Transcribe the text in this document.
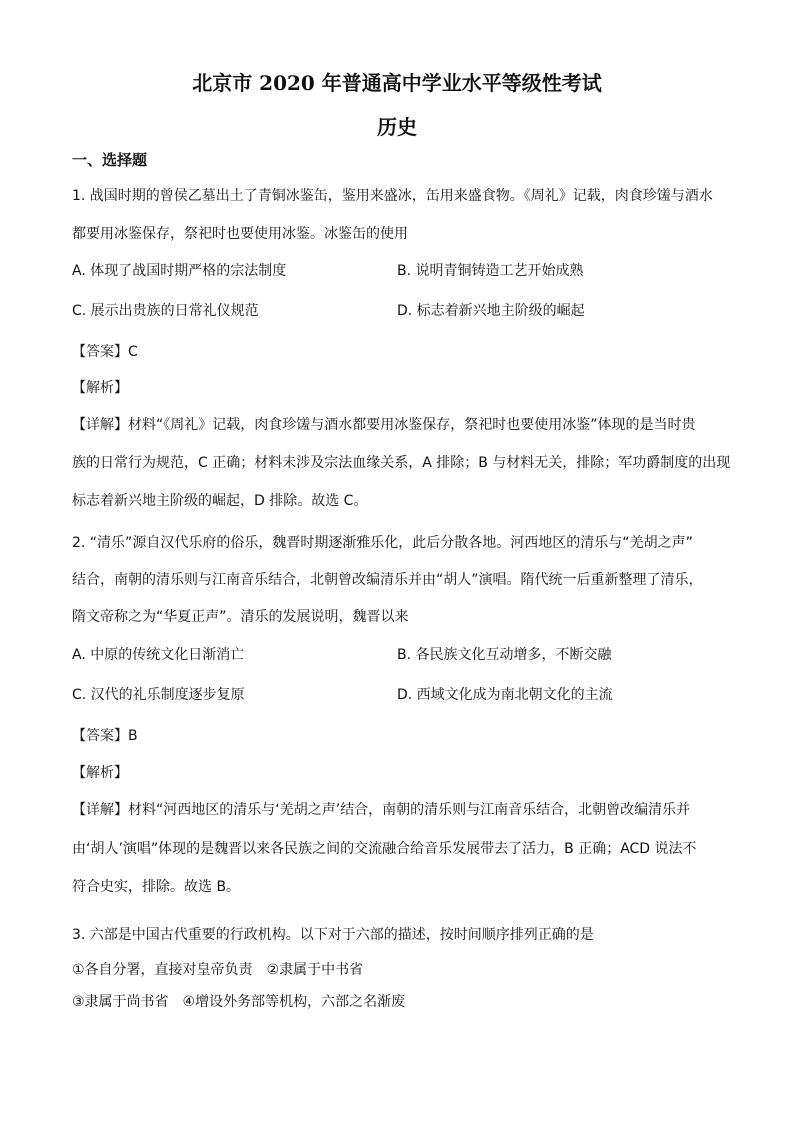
北京市 2020 年普通高中学业水平等级性考试
历史
一、选择题
1. 战国时期的曾侯乙墓出土了青铜冰鉴缶，鉴用来盛冰，缶用来盛食物。《周礼》记载，肉食珍馐与酒水
都要用冰鉴保存，祭祀时也要使用冰鉴。冰鉴缶的使用
A. 体现了战国时期严格的宗法制度	B. 说明青铜铸造工艺开始成熟
C. 展示出贵族的日常礼仪规范	D. 标志着新兴地主阶级的崛起
【答案】C
【解析】
【详解】材料“《周礼》记载，肉食珍馐与酒水都要用冰鉴保存，祭祀时也要使用冰鉴”体现的是当时贵
族的日常行为规范，C 正确；材料未涉及宗法血缘关系，A 排除；B 与材料无关，排除；军功爵制度的出现
标志着新兴地主阶级的崛起，D 排除。故选 C。
2. “清乐”源自汉代乐府的俗乐，魏晋时期逐渐雅乐化，此后分散各地。河西地区的清乐与“羌胡之声”
结合，南朝的清乐则与江南音乐结合，北朝曾改编清乐并由“胡人”演唱。隋代统一后重新整理了清乐，
隋文帝称之为“华夏正声”。清乐的发展说明，魏晋以来
A. 中原的传统文化日渐消亡	B. 各民族文化互动增多，不断交融
C. 汉代的礼乐制度逐步复原	D. 西域文化成为南北朝文化的主流
【答案】B
【解析】
【详解】材料“河西地区的清乐与‘羌胡之声’结合，南朝的清乐则与江南音乐结合，北朝曾改编清乐并
由‘胡人’演唱”体现的是魏晋以来各民族之间的交流融合给音乐发展带去了活力，B 正确；ACD 说法不
符合史实，排除。故选 B。
3. 六部是中国古代重要的行政机构。以下对于六部的描述，按时间顺序排列正确的是
①各自分署，直接对皇帝负责　②隶属于中书省
③隶属于尚书省　④增设外务部等机构，六部之名渐废
